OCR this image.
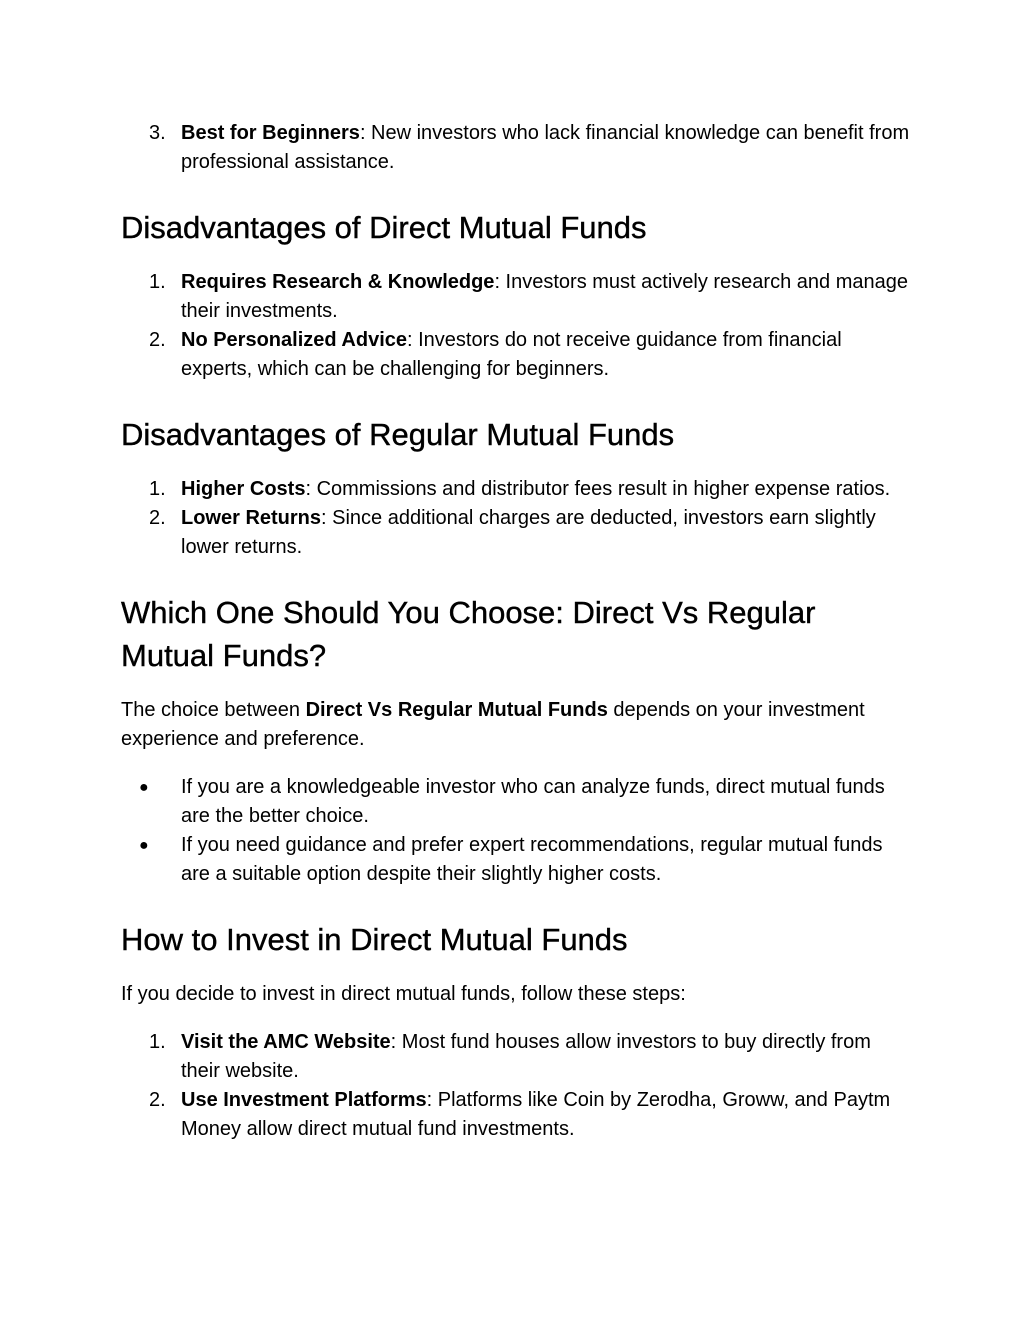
3. Best for Beginners: New investors who lack financial knowledge can benefit from professional assistance.
Disadvantages of Direct Mutual Funds
1. Requires Research & Knowledge: Investors must actively research and manage their investments.
2. No Personalized Advice: Investors do not receive guidance from financial experts, which can be challenging for beginners.
Disadvantages of Regular Mutual Funds
1. Higher Costs: Commissions and distributor fees result in higher expense ratios.
2. Lower Returns: Since additional charges are deducted, investors earn slightly lower returns.
Which One Should You Choose: Direct Vs Regular Mutual Funds?

The choice between Direct Vs Regular Mutual Funds depends on your investment experience and preference.

● If you are a knowledgeable investor who can analyze funds, direct mutual funds are the better choice.
● If you need guidance and prefer expert recommendations, regular mutual funds are a suitable option despite their slightly higher costs.
How to Invest in Direct Mutual Funds

If you decide to invest in direct mutual funds, follow these steps:

1. Visit the AMC Website: Most fund houses allow investors to buy directly from their website.
2. Use Investment Platforms: Platforms like Coin by Zerodha, Groww, and Paytm Money allow direct mutual fund investments.
